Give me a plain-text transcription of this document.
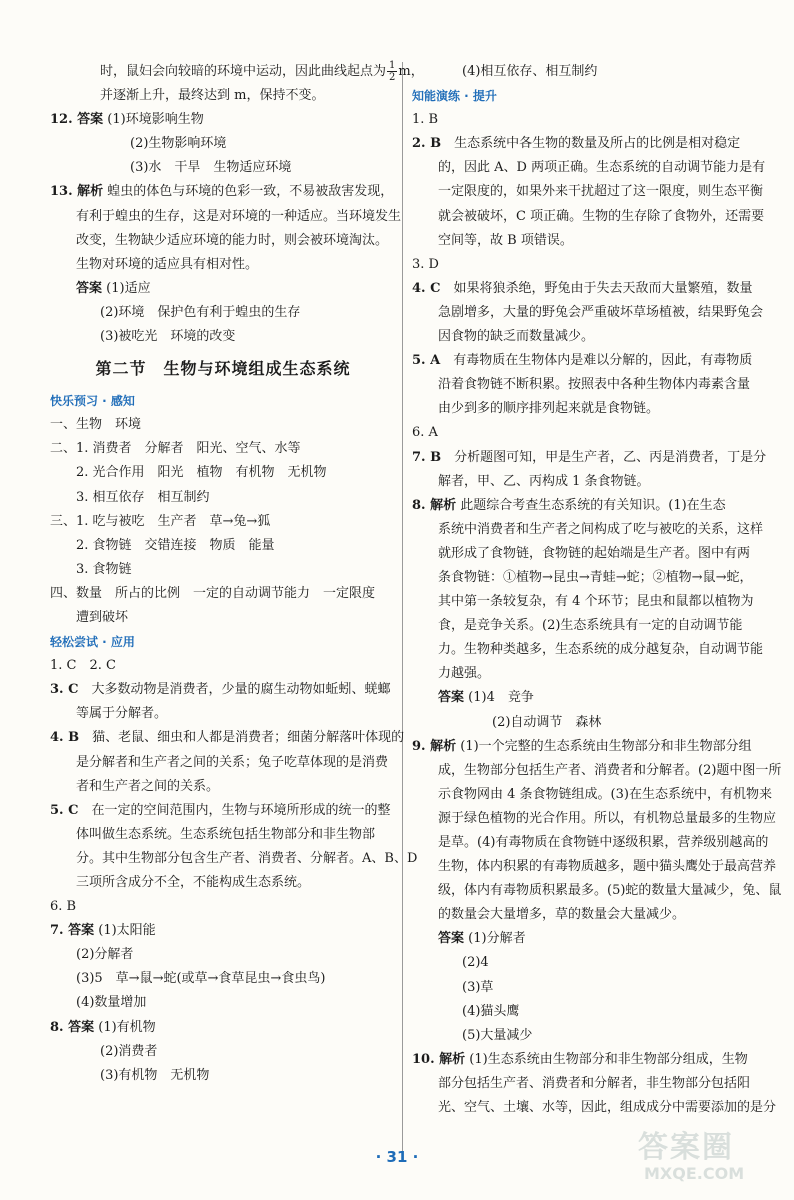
时，鼠妇会向较暗的环境中运动，因此曲线起点为 $\frac{1}{2}$ m，
并逐渐上升，最终达到 m，保持不变。
12. 答案 (1)环境影响生物
(2)生物影响环境
(3)水　干旱　生物适应环境
13. 解析 蝗虫的体色与环境的色彩一致，不易被敌害发现，
有利于蝗虫的生存，这是对环境的一种适应。当环境发生
改变，生物缺少适应环境的能力时，则会被环境淘汰。
生物对环境的适应具有相对性。
答案 (1)适应
(2)环境　保护色有利于蝗虫的生存
(3)被吃光　环境的改变
第二节　生物与环境组成生态系统
快乐预习 · 感知
一、生物　环境
二、1. 消费者　分解者　阳光、空气、水等
2. 光合作用　阳光　植物　有机物　无机物
3. 相互依存　相互制约
三、1. 吃与被吃　生产者　草→兔→狐
2. 食物链　交错连接　物质　能量
3. 食物链
四、数量　所占的比例　一定的自动调节能力　一定限度
遭到破坏
轻松尝试 · 应用
1. C　2. C
3. C　大多数动物是消费者，少量的腐生动物如蚯蚓、蜣螂
等属于分解者。
4. B　猫、老鼠、细虫和人都是消费者；细菌分解落叶体现的
是分解者和生产者之间的关系；兔子吃草体现的是消费
者和生产者之间的关系。
5. C　在一定的空间范围内，生物与环境所形成的统一的整
体叫做生态系统。生态系统包括生物部分和非生物部
分。其中生物部分包含生产者、消费者、分解者。A、B、D
三项所含成分不全，不能构成生态系统。
6. B
7. 答案 (1)太阳能
(2)分解者
(3)5　草→鼠→蛇(或草→食草昆虫→食虫鸟)
(4)数量增加
8. 答案 (1)有机物
(2)消费者
(3)有机物　无机物
(4)相互依存、相互制约
知能演练 · 提升
1. B
2. B　生态系统中各生物的数量及所占的比例是相对稳定
的，因此 A、D 两项正确。生态系统的自动调节能力是有
一定限度的，如果外来干扰超过了这一限度，则生态平衡
就会被破坏，C 项正确。生物的生存除了食物外，还需要
空间等，故 B 项错误。
3. D
4. C　如果将狼杀绝，野兔由于失去天敌而大量繁殖，数量
急剧增多，大量的野兔会严重破坏草场植被，结果野兔会
因食物的缺乏而数量减少。
5. A　有毒物质在生物体内是难以分解的，因此，有毒物质
沿着食物链不断积累。按照表中各种生物体内毒素含量
由少到多的顺序排列起来就是食物链。
6. A
7. B　分析题图可知，甲是生产者，乙、丙是消费者，丁是分
解者，甲、乙、丙构成 1 条食物链。
8. 解析 此题综合考查生态系统的有关知识。(1)在生态
系统中消费者和生产者之间构成了吃与被吃的关系，这样
就形成了食物链，食物链的起始端是生产者。图中有两
条食物链：①植物→昆虫→青蛙→蛇；②植物→鼠→蛇，
其中第一条较复杂，有 4 个环节；昆虫和鼠都以植物为
食，是竞争关系。(2)生态系统具有一定的自动调节能
力。生物种类越多，生态系统的成分越复杂，自动调节能
力越强。
答案 (1)4　竞争
(2)自动调节　森林
9. 解析 (1)一个完整的生态系统由生物部分和非生物部分组
成，生物部分包括生产者、消费者和分解者。(2)题中图一所
示食物网由 4 条食物链组成。(3)在生态系统中，有机物来
源于绿色植物的光合作用。所以，有机物总量最多的生物应
是草。(4)有毒物质在食物链中逐级积累，营养级别越高的
生物，体内积累的有毒物质越多，题中猫头鹰处于最高营养
级，体内有毒物质积累最多。(5)蛇的数量大量减少，兔、鼠
的数量会大量增多，草的数量会大量减少。
答案 (1)分解者
(2)4
(3)草
(4)猫头鹰
(5)大量减少
10. 解析 (1)生态系统由生物部分和非生物部分组成，生物
部分包括生产者、消费者和分解者，非生物部分包括阳
光、空气、土壤、水等，因此，组成成分中需要添加的是分
· 31 ·	答案圈
MXQE.COM
